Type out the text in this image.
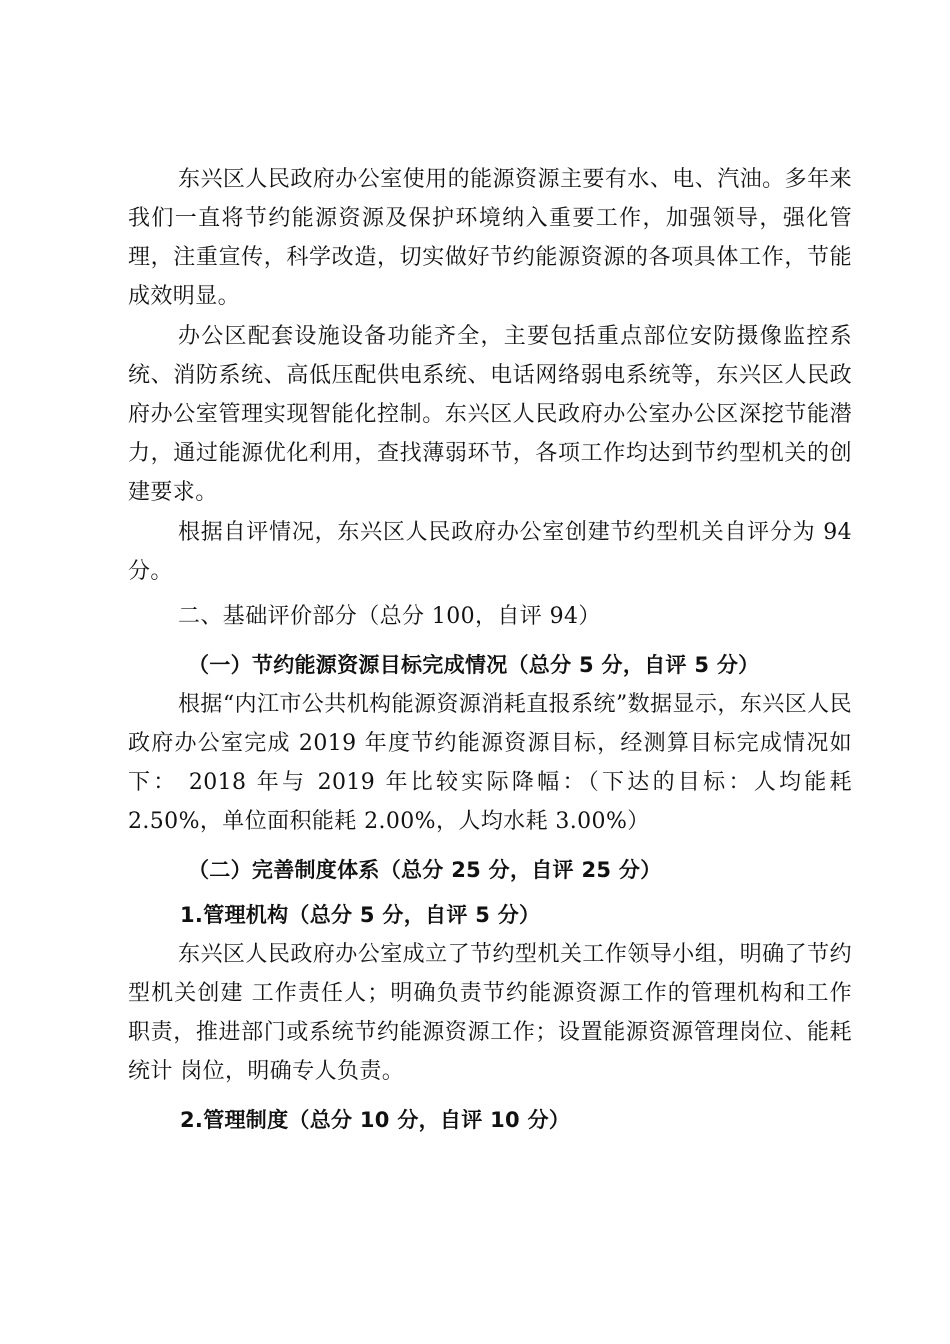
东兴区人民政府办公室使用的能源资源主要有水、电、汽油。多年来我们一直将节约能源资源及保护环境纳入重要工作，加强领导，强化管理，注重宣传，科学改造，切实做好节约能源资源的各项具体工作，节能成效明显。

办公区配套设施设备功能齐全，主要包括重点部位安防摄像监控系统、消防系统、高低压配供电系统、电话网络弱电系统等，东兴区人民政府办公室管理实现智能化控制。东兴区人民政府办公室办公区深挖节能潜力，通过能源优化利用，查找薄弱环节，各项工作均达到节约型机关的创建要求。

根据自评情况，东兴区人民政府办公室创建节约型机关自评分为 94 分。

二、基础评价部分（总分 100，自评 94）

（一）节约能源资源目标完成情况（总分 5 分，自评 5 分）

根据“内江市公共机构能源资源消耗直报系统”数据显示，东兴区人民政府办公室完成 2019 年度节约能源资源目标，经测算目标完成情况如下： 2018 年与 2019 年比较实际降幅：（下达的目标：人均能耗 2.50%，单位面积能耗 2.00%，人均水耗 3.00%）

（二）完善制度体系（总分 25 分，自评 25 分）

1.管理机构（总分 5 分，自评 5 分）

东兴区人民政府办公室成立了节约型机关工作领导小组，明确了节约型机关创建 工作责任人；明确负责节约能源资源工作的管理机构和工作职责，推进部门或系统节约能源资源工作；设置能源资源管理岗位、能耗统计 岗位，明确专人负责。

2.管理制度（总分 10 分，自评 10 分）
